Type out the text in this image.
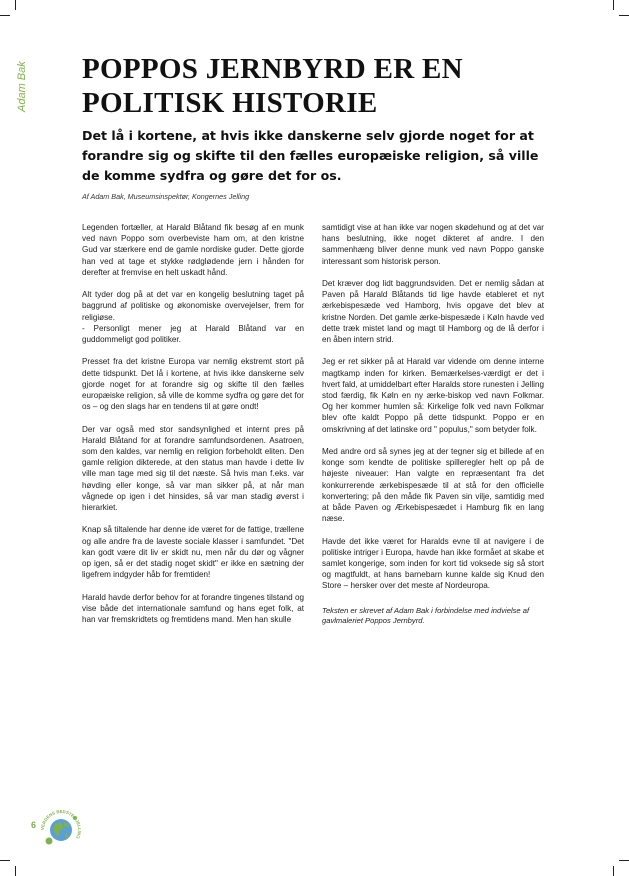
Adam Bak POPPOS JERNBYRD ER EN POLITISK HISTORIE

Det lå i kortene, at hvis ikke danskerne selv gjorde noget for at forandre sig og skifte til den fælles europæiske religion, så ville de komme sydfra og gøre det for os.

Af Adam Bak, Museumsinspektør, Kongernes Jelling

Legenden fortæller, at Harald Blåtand fik besøg af en munk ved navn Poppo som overbeviste ham om, at den kristne Gud var stærkere end de gamle nordiske guder. Dette gjorde han ved at tage et stykke rødglødende jern i hånden for derefter at fremvise en helt uskadt hånd.

Alt tyder dog på at det var en kongelig beslutning taget på baggrund af politiske og økonomiske overvejelser, frem for religiøse.

- Personligt mener jeg at Harald Blåtand var en guddommeligt god politiker.

Presset fra det kristne Europa var nemlig ekstremt stort på dette tidspunkt. Det lå i kortene, at hvis ikke danskerne selv gjorde noget for at forandre sig og skifte til den fælles europæiske religion, så ville de komme sydfra og gøre det for os – og den slags har en tendens til at gøre ondt!

Der var også med stor sandsynlighed et internt pres på Harald Blåtand for at forandre samfundsordenen. Asatroen, som den kaldes, var nemlig en religion forbeholdt eliten. Den gamle religion dikterede, at den status man havde i dette liv ville man tage med sig til det næste. Så hvis man f.eks. var høvding eller konge, så var man sikker på, at når man vågnede op igen i det hinsides, så var man stadig øverst i hierarkiet.

Knap så tiltalende har denne ide været for de fattige, trællene og alle andre fra de laveste sociale klasser i samfundet. "Det kan godt være dit liv er skidt nu, men når du dør og vågner op igen, så er det stadig noget skidt" er ikke en sætning der ligefrem indgyder håb for fremtiden!

Harald havde derfor behov for at forandre tingenes tilstand og vise både det internationale samfund og hans eget folk, at han var fremskridtets og fremtidens mand. Men han skulle

samtidigt vise at han ikke var nogen skødehund og at det var hans beslutning, ikke noget dikteret af andre. I den sammenhæng bliver denne munk ved navn Poppo ganske interessant som historisk person.

Det kræver dog lidt baggrundsviden. Det er nemlig sådan at Paven på Harald Blåtands tid lige havde etableret et nyt ærkebispesæde ved Hamborg, hvis opgave det blev at kristne Norden. Det gamle ærke-bispesæde i Køln havde ved dette træk mistet land og magt til Hamborg og de lå derfor i en åben intern strid.

Jeg er ret sikker på at Harald var vidende om denne interne magtkamp inden for kirken. Bemærkelses-værdigt er det i hvert fald, at umiddelbart efter Haralds store runesten i Jelling stod færdig, fik Køln en ny ærke-biskop ved navn Folkmar. Og her kommer humlen så: Kirkelige folk ved navn Folkmar blev ofte kaldt Poppo på dette tidspunkt. Poppo er en omskrivning af det latinske ord " populus," som betyder folk.

Med andre ord så synes jeg at der tegner sig et billede af en konge som kendte de politiske spilleregler helt op på de højeste niveauer: Han valgte en repræsentant fra det konkurrerende ærkebispesæde til at stå for den officielle konvertering; på den måde fik Paven sin vilje, samtidig med at både Paven og Ærkebispesædet i Hamburg fik en lang næse.

Havde det ikke været for Haralds evne til at navigere i de politiske intriger i Europa, havde han ikke formået at skabe et samlet kongerige, som inden for kort tid voksede sig så stort og magtfuldt, at hans barnebarn kunne kalde sig Knud den Store – hersker over det meste af Nordeuropa.

Teksten er skrevet af Adam Bak i forbindelse med indvielse af gavlmaleriet Poppos Jernbyrd.

6 VERDENS BEDSTE I JELLING
